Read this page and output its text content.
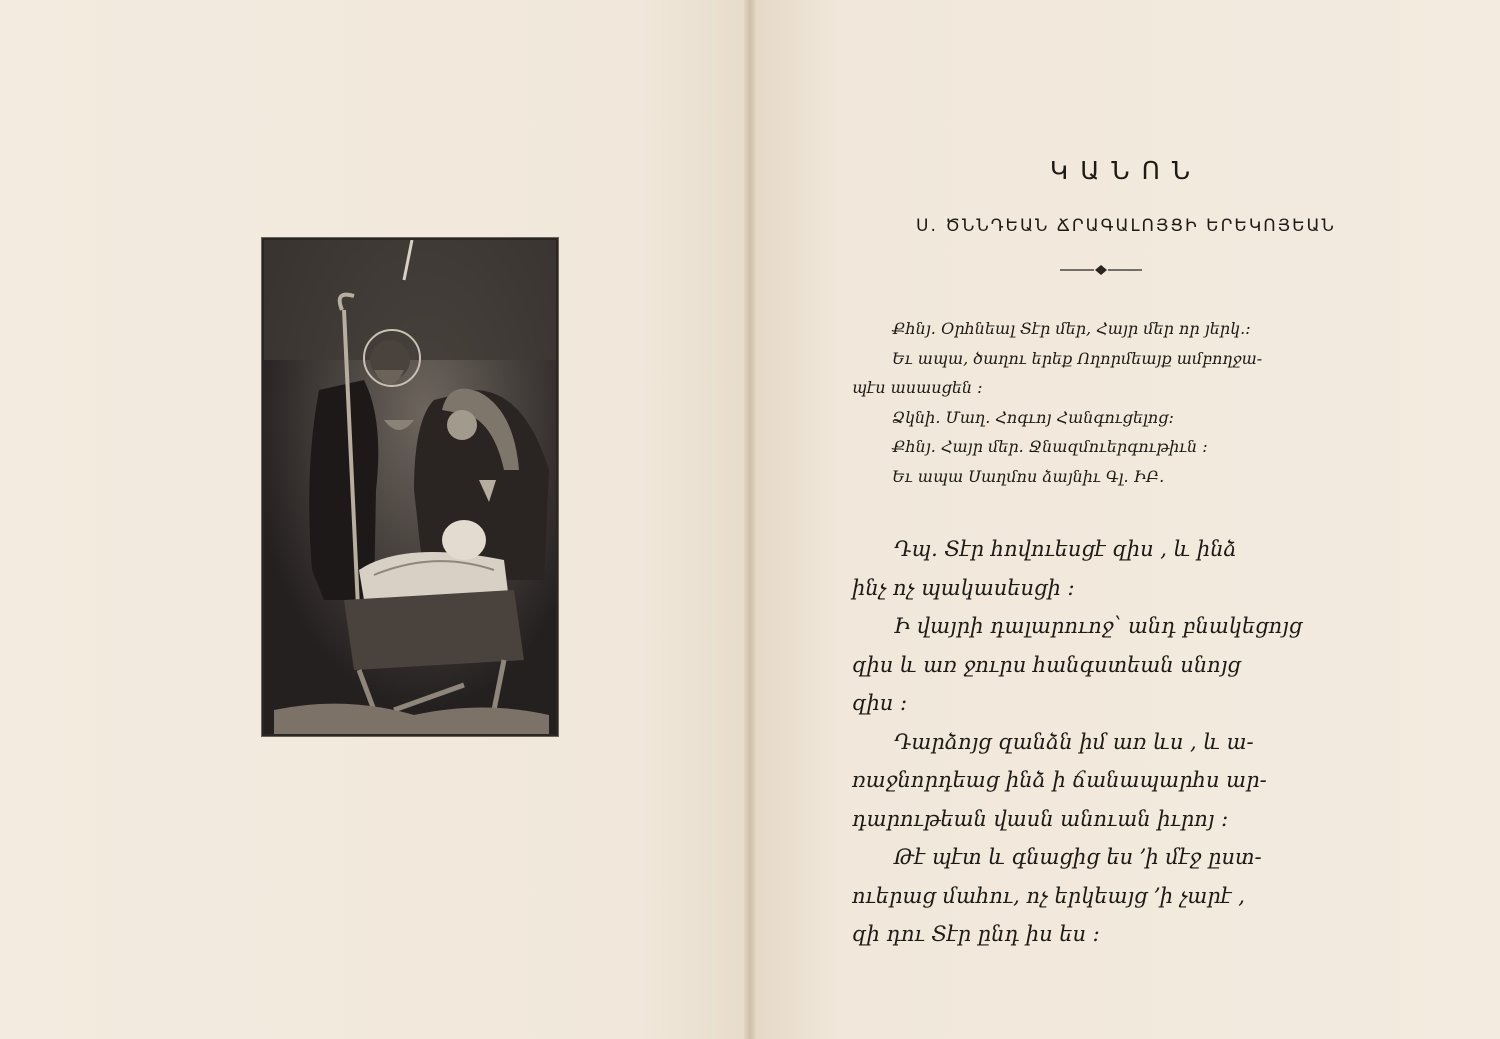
ԿԱՆՈՆ
Ս. ԾՆՆԴԵԱՆ ՃՐԱԳԱԼՈՅՑԻ ԵՐԵԿՈՅԵԱՆ

Քհնյ. Օրհնեալ Տէր մեր, Հայր մեր որ յերկ.։

Եւ ապա, ծաղու երեք Ողորմեայք ամբողջա-

պէս ասասցեն ։

Ձկնի. Մաղ. Հոգւոյ Հանգուցելոց։

Քհնյ. Հայր մեր. Ջնազմուերգութիւն ։

Եւ ապա Սաղմոս ձայնիւ Գլ. ԻԲ.

Դպ. Տէր հովուեսցէ զիս , և ինձ

ինչ ոչ պակասեսցի ։

Ի վայրի դալարուոջ՝ անդ բնակեցոյց

զիս և առ ջուրս հանգստեան սնոյց

զիս ։

Դարձոյց զանձն իմ առ ևս , և ա-

ռաջնորդեաց ինձ ի ճանապարհս ար-

դարութեան վասն անուան իւրոյ ։

Թէ պէտ և գնացից ես ՚ի մէջ ըստ-

ուերաց մահու, ոչ երկեայց ՚ի չարէ ,

զի դու Տէր ընդ իս ես ։
